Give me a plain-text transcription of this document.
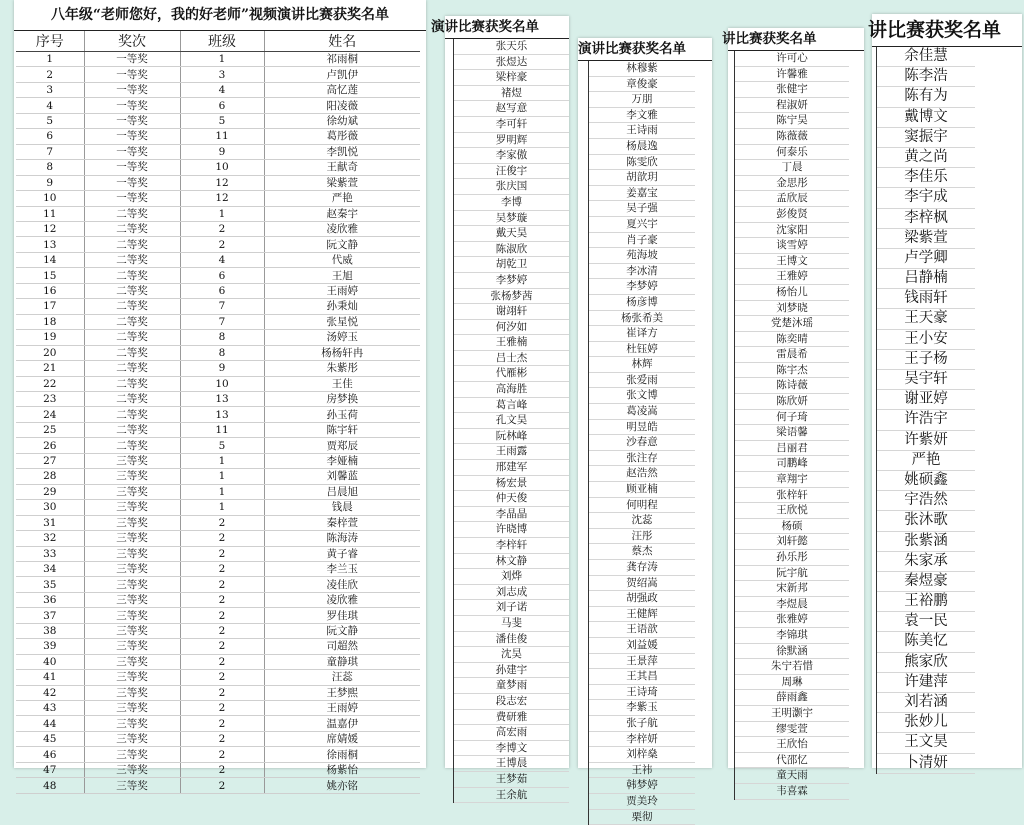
八年级“老师您好，我的好老师”视频演讲比赛获奖名单
序号	奖次	班级	姓名
1	一等奖	1	祁雨桐
2	一等奖	3	卢凯伊
3	一等奖	4	高忆莲
4	一等奖	6	阳凌薇
5	一等奖	5	徐幼斌
6	一等奖	11	葛彤薇
7	一等奖	9	李凯悦
8	一等奖	10	王献奇
9	一等奖	12	梁紫萱
10	一等奖	12	严艳
11	二等奖	1	赵秦宇
12	二等奖	2	凌欣雅
13	二等奖	2	阮文静
14	二等奖	4	代威
15	二等奖	6	王旭
16	二等奖	6	王雨婷
17	二等奖	7	孙秉灿
18	二等奖	7	张星悦
19	二等奖	8	汤婷玉
20	二等奖	8	杨杨轩冉
21	二等奖	9	朱紫彤
22	二等奖	10	王佳
23	二等奖	13	房梦换
24	二等奖	13	孙玉荷
25	二等奖	11	陈宇轩
26	二等奖	5	贾郑辰
27	三等奖	1	李娅楠
28	三等奖	1	刘馨蓝
29	三等奖	1	吕晨旭
30	三等奖	1	钱晨
31	三等奖	2	秦梓萱
32	三等奖	2	陈海涛
33	三等奖	2	黄子睿
34	三等奖	2	李兰玉
35	三等奖	2	凌佳欣
36	三等奖	2	凌欣雅
37	三等奖	2	罗佳琪
38	三等奖	2	阮文静
39	三等奖	2	司超然
40	三等奖	2	童静琪
41	三等奖	2	汪蕊
42	三等奖	2	王梦熙
43	三等奖	2	王雨婷
44	三等奖	2	温嘉伊
45	三等奖	2	席婧媛
46	三等奖	2	徐雨桐
47	三等奖	2	杨紫怡
48	三等奖	2	姚亦铭
演讲比赛获奖名单
张天乐
张煜达
梁梓豪
褚煜
赵写意
李可轩
罗明辉
李家傲
汪俊宇
张庆国
李博
吴梦璇
戴天昊
陈淑欣
胡乾卫
李梦婷
张杨梦茜
谢翊轩
何汐如
王雅楠
吕士杰
代雁彬
高海胜
葛言峰
孔文昊
阮林峰
王雨露
邢建军
杨宏景
仲天俊
李晶晶
许晓博
李梓轩
林文静
刘烨
刘志成
刘子诺
马斐
潘佳俊
沈昊
孙建宇
童梦雨
段志宏
费研雅
高宏雨
李博文
王博晨
王梦茹
王余航
演讲比赛获奖名单
林穆紫
章俊豪
万朋
李文雅
王诗雨
杨晨逸
陈雯欣
胡歆玥
姜嘉宝
吴子强
夏兴宇
肖子豪
苑海坡
李冰清
李梦婷
杨彦博
杨张希美
崔译方
杜钰婷
林辉
张爱雨
张文博
葛凌嵩
明昱皓
沙春意
张注存
赵浩然
顾亚楠
何明程
沈蕊
汪彤
蔡杰
龚存涛
贺绍嵩
胡强政
王健辉
王语歆
刘益媛
王景萍
王其昌
王诗琦
李紫玉
张子航
李梓妍
刘梓燊
王祎
韩梦婷
贾美玲
栗彻
讲比赛获奖名单
许可心
许馨雅
张健宇
程淑妍
陈宁昊
陈薇薇
何泰乐
丁晨
金思彤
孟欣辰
彭俊贤
沈家阳
谈雪婷
王博文
王雅婷
杨怡儿
刘梦晓
党楚沐瑶
陈奕晴
雷晨希
陈宇杰
陈诗薇
陈欣妍
何子琦
梁语馨
吕丽君
司鹏峰
章翔宇
张梓轩
王欣悦
杨硕
刘轩懿
孙乐彤
阮宇航
宋新邦
李煜晨
张雅婷
李锦琪
徐默涵
朱宁若惜
周琳
薛雨鑫
王明灏宇
缪雯萱
王欣怡
代邵忆
童天雨
韦喜霖
讲比赛获奖名单
余佳慧
陈李浩
陈有为
戴博文
窦振宇
黄之尚
李佳乐
李宇成
李梓枫
梁紫萱
卢学卿
吕静楠
钱雨轩
王天豪
王小安
王子杨
吴宇轩
谢亚婷
许浩宇
许紫妍
严艳
姚硕鑫
宇浩然
张沐歌
张紫涵
朱家承
秦煜豪
王裕鹏
袁一民
陈美忆
熊家欣
许建萍
刘若涵
张妙儿
王文昊
卜清妍
